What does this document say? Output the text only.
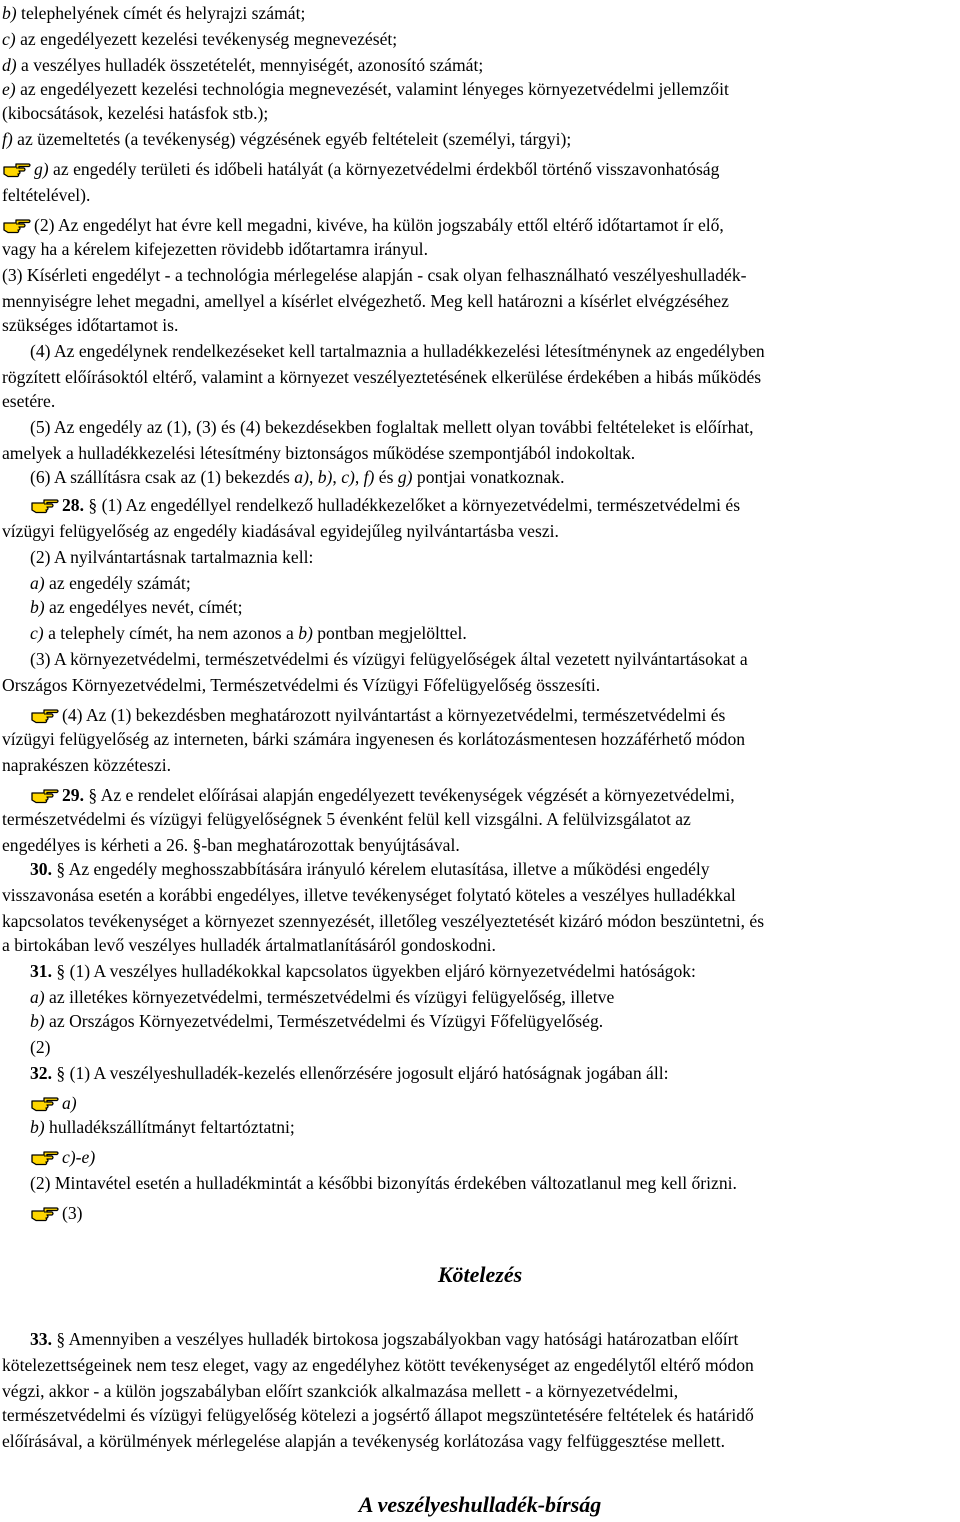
b) telephelyének címét és helyrajzi számát;
c) az engedélyezett kezelési tevékenység megnevezését;
d) a veszélyes hulladék összetételét, mennyiségét, azonosító számát;
e) az engedélyezett kezelési technológia megnevezését, valamint lényeges környezetvédelmi jellemzőit
(kibocsátások, kezelési hatásfok stb.);
f) az üzemeltetés (a tevékenység) végzésének egyéb feltételeit (személyi, tárgyi);
g) az engedély területi és időbeli hatályát (a környezetvédelmi érdekből történő visszavonhatóság
feltételével).
(2) Az engedélyt hat évre kell megadni, kivéve, ha külön jogszabály ettől eltérő időtartamot ír elő,
vagy ha a kérelem kifejezetten rövidebb időtartamra irányul.
(3) Kísérleti engedélyt - a technológia mérlegelése alapján - csak olyan felhasználható veszélyeshulladék-
mennyiségre lehet megadni, amellyel a kísérlet elvégezhető. Meg kell határozni a kísérlet elvégzéséhez
szükséges időtartamot is.
(4) Az engedélynek rendelkezéseket kell tartalmaznia a hulladékkezelési létesítménynek az engedélyben
rögzített előírásoktól eltérő, valamint a környezet veszélyeztetésének elkerülése érdekében a hibás működés
esetére.
(5) Az engedély az (1), (3) és (4) bekezdésekben foglaltak mellett olyan további feltételeket is előírhat,
amelyek a hulladékkezelési létesítmény biztonságos működése szempontjából indokoltak.
(6) A szállításra csak az (1) bekezdés a), b), c), f) és g) pontjai vonatkoznak.
28. § (1) Az engedéllyel rendelkező hulladékkezelőket a környezetvédelmi, természetvédelmi és
vízügyi felügyelőség az engedély kiadásával egyidejűleg nyilvántartásba veszi.
(2) A nyilvántartásnak tartalmaznia kell:
a) az engedély számát;
b) az engedélyes nevét, címét;
c) a telephely címét, ha nem azonos a b) pontban megjelölttel.
(3) A környezetvédelmi, természetvédelmi és vízügyi felügyelőségek által vezetett nyilvántartásokat a
Országos Környezetvédelmi, Természetvédelmi és Vízügyi Főfelügyelőség összesíti.
(4) Az (1) bekezdésben meghatározott nyilvántartást a környezetvédelmi, természetvédelmi és
vízügyi felügyelőség az interneten, bárki számára ingyenesen és korlátozásmentesen hozzáférhető módon
naprakészen közzéteszi.
29. § Az e rendelet előírásai alapján engedélyezett tevékenységek végzését a környezetvédelmi,
természetvédelmi és vízügyi felügyelőségnek 5 évenként felül kell vizsgálni. A felülvizsgálatot az
engedélyes is kérheti a 26. §-ban meghatározottak benyújtásával.
30. § Az engedély meghosszabbítására irányuló kérelem elutasítása, illetve a működési engedély
visszavonása esetén a korábbi engedélyes, illetve tevékenységet folytató köteles a veszélyes hulladékkal
kapcsolatos tevékenységet a környezet szennyezését, illetőleg veszélyeztetését kizáró módon beszüntetni, és
a birtokában levő veszélyes hulladék ártalmatlanításáról gondoskodni.
31. § (1) A veszélyes hulladékokkal kapcsolatos ügyekben eljáró környezetvédelmi hatóságok:
a) az illetékes környezetvédelmi, természetvédelmi és vízügyi felügyelőség, illetve
b) az Országos Környezetvédelmi, Természetvédelmi és Vízügyi Főfelügyelőség.
(2)
32. § (1) A veszélyeshulladék-kezelés ellenőrzésére jogosult eljáró hatóságnak jogában áll:
a)
b) hulladékszállítmányt feltartóztatni;
c)-e)
(2) Mintavétel esetén a hulladékmintát a későbbi bizonyítás érdekében változatlanul meg kell őrizni.
(3)
Kötelezés
33. § Amennyiben a veszélyes hulladék birtokosa jogszabályokban vagy hatósági határozatban előírt
kötelezettségeinek nem tesz eleget, vagy az engedélyhez kötött tevékenységet az engedélytől eltérő módon
végzi, akkor - a külön jogszabályban előírt szankciók alkalmazása mellett - a környezetvédelmi,
természetvédelmi és vízügyi felügyelőség kötelezi a jogsértő állapot megszüntetésére feltételek és határidő
előírásával, a körülmények mérlegelése alapján a tevékenység korlátozása vagy felfüggesztése mellett.
A veszélyeshulladék-bírság
